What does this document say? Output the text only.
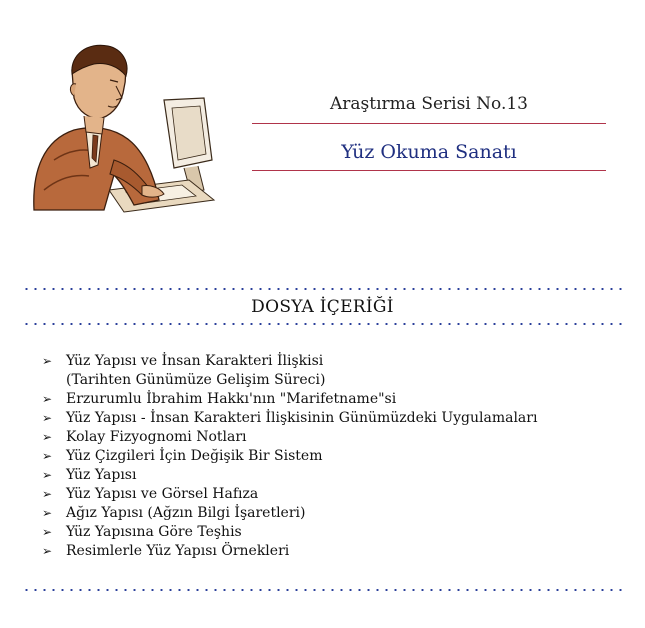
Araştırma Serisi No.13
Yüz Okuma Sanatı
DOSYA İÇERİĞİ
➢ Yüz Yapısı ve İnsan Karakteri İlişkisi
(Tarihten Günümüze Gelişim Süreci)
➢ Erzurumlu İbrahim Hakkı'nın "Marifetname"si
➢ Yüz Yapısı - İnsan Karakteri İlişkisinin Günümüzdeki Uygulamaları
➢ Kolay Fizyognomi Notları
➢ Yüz Çizgileri İçin Değişik Bir Sistem
➢ Yüz Yapısı
➢ Yüz Yapısı ve Görsel Hafıza
➢ Ağız Yapısı (Ağzın Bilgi İşaretleri)
➢ Yüz Yapısına Göre Teşhis
➢ Resimlerle Yüz Yapısı Örnekleri
